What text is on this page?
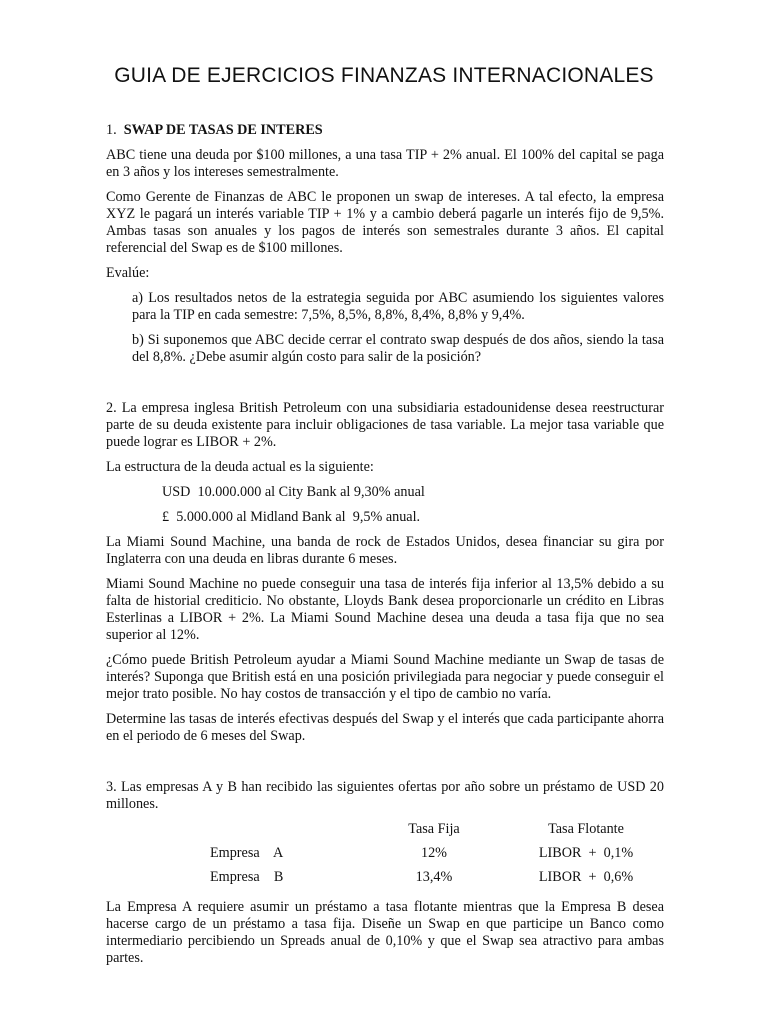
GUIA DE EJERCICIOS FINANZAS INTERNACIONALES
1. SWAP DE TASAS DE INTERES

ABC tiene una deuda por $100 millones, a una tasa TIP + 2% anual. El 100% del capital se paga en 3 años y los intereses semestralmente.

Como Gerente de Finanzas de ABC le proponen un swap de intereses. A tal efecto, la empresa XYZ le pagará un interés variable TIP + 1% y a cambio deberá pagarle un interés fijo de 9,5%. Ambas tasas son anuales y los pagos de interés son semestrales durante 3 años. El capital referencial del Swap es de $100 millones.

Evalúe:

a) Los resultados netos de la estrategia seguida por ABC asumiendo los siguientes valores para la TIP en cada semestre: 7,5%, 8,5%, 8,8%, 8,4%, 8,8% y 9,4%.

b) Si suponemos que ABC decide cerrar el contrato swap después de dos años, siendo la tasa del 8,8%. ¿Debe asumir algún costo para salir de la posición?

2. La empresa inglesa British Petroleum con una subsidiaria estadounidense desea reestructurar parte de su deuda existente para incluir obligaciones de tasa variable. La mejor tasa variable que puede lograr es LIBOR + 2%.

La estructura de la deuda actual es la siguiente:

USD  10.000.000 al City Bank al 9,30% anual
£  5.000.000 al Midland Bank al  9,5% anual.

La Miami Sound Machine, una banda de rock de Estados Unidos, desea financiar su gira por Inglaterra con una deuda en libras durante 6 meses.

Miami Sound Machine no puede conseguir una tasa de interés fija inferior al 13,5% debido a su falta de historial crediticio. No obstante, Lloyds Bank desea proporcionarle un crédito en Libras Esterlinas a LIBOR + 2%. La Miami Sound Machine desea una deuda a tasa fija que no sea superior al 12%.

¿Cómo puede British Petroleum ayudar a Miami Sound Machine mediante un Swap de tasas de interés? Suponga que British está en una posición privilegiada para negociar y puede conseguir el mejor trato posible. No hay costos de transacción y el tipo de cambio no varía.

Determine las tasas de interés efectivas después del Swap y el interés que cada participante ahorra en el periodo de 6 meses del Swap.

3. Las empresas A y B han recibido las siguientes ofertas por año sobre un préstamo de USD 20 millones.

		Tasa Fija	Tasa Flotante
	Empresa    A	12%	LIBOR  +  0,1%
	Empresa    B	13,4%	LIBOR  +  0,6%

La Empresa A requiere asumir un préstamo a tasa flotante mientras que la Empresa B desea hacerse cargo de un préstamo a tasa fija. Diseñe un Swap en que participe un Banco como intermediario percibiendo un Spreads anual de 0,10% y que el Swap sea atractivo para ambas partes.
